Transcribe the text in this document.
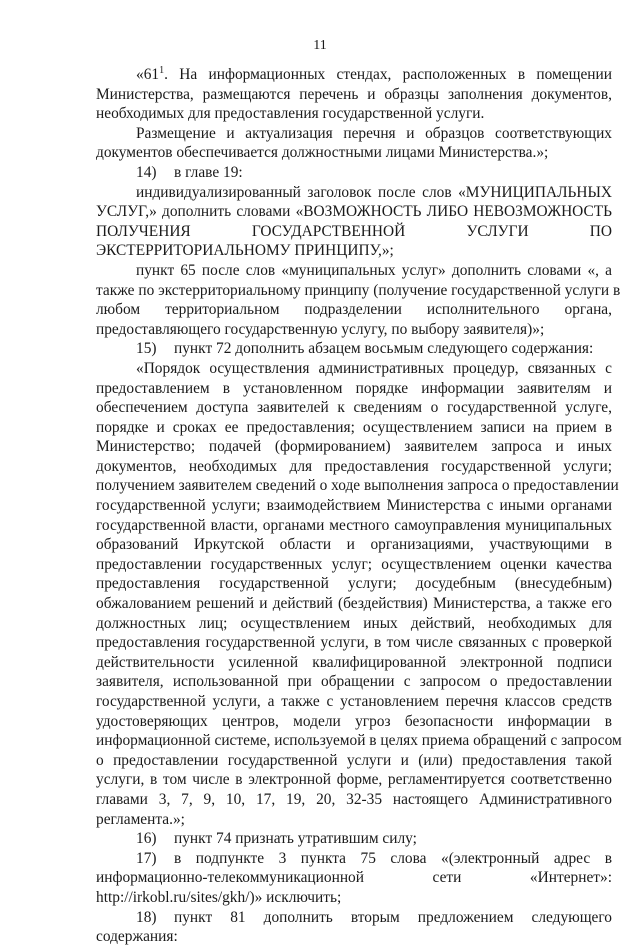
11
«$61^1$. На информационных стендах, расположенных в помещении
Министерства, размещаются перечень и образцы заполнения документов,
необходимых для предоставления государственной услуги.
Размещение и актуализация перечня и образцов соответствующих
документов обеспечивается должностными лицами Министерства.»;
14) в главе 19:
индивидуализированный заголовок после слов «МУНИЦИПАЛЬНЫХ
УСЛУГ,» дополнить словами «ВОЗМОЖНОСТЬ ЛИБО НЕВОЗМОЖНОСТЬ
ПОЛУЧЕНИЯ ГОСУДАРСТВЕННОЙ УСЛУГИ ПО
ЭКСТЕРРИТОРИАЛЬНОМУ ПРИНЦИПУ,»;
пункт 65 после слов «муниципальных услуг» дополнить словами «, а
также по экстерриториальному принципу (получение государственной услуги в
любом территориальном подразделении исполнительного органа,
предоставляющего государственную услугу, по выбору заявителя)»;
15) пункт 72 дополнить абзацем восьмым следующего содержания:
«Порядок осуществления административных процедур, связанных с
предоставлением в установленном порядке информации заявителям и
обеспечением доступа заявителей к сведениям о государственной услуге,
порядке и сроках ее предоставления; осуществлением записи на прием в
Министерство; подачей (формированием) заявителем запроса и иных
документов, необходимых для предоставления государственной услуги;
получением заявителем сведений о ходе выполнения запроса о предоставлении
государственной услуги; взаимодействием Министерства с иными органами
государственной власти, органами местного самоуправления муниципальных
образований Иркутской области и организациями, участвующими в
предоставлении государственных услуг; осуществлением оценки качества
предоставления государственной услуги; досудебным (внесудебным)
обжалованием решений и действий (бездействия) Министерства, а также его
должностных лиц; осуществлением иных действий, необходимых для
предоставления государственной услуги, в том числе связанных с проверкой
действительности усиленной квалифицированной электронной подписи
заявителя, использованной при обращении с запросом о предоставлении
государственной услуги, а также с установлением перечня классов средств
удостоверяющих центров, модели угроз безопасности информации в
информационной системе, используемой в целях приема обращений с запросом
о предоставлении государственной услуги и (или) предоставления такой
услуги, в том числе в электронной форме, регламентируется соответственно
главами 3, 7, 9, 10, 17, 19, 20, 32-35 настоящего Административного
регламента.»;
16) пункт 74 признать утратившим силу;
17) в подпункте 3 пункта 75 слова «(электронный адрес в
информационно-телекоммуникационной сети «Интернет»:
http://irkobl.ru/sites/gkh/)» исключить;
18) пункт 81 дополнить вторым предложением следующего
содержания:
